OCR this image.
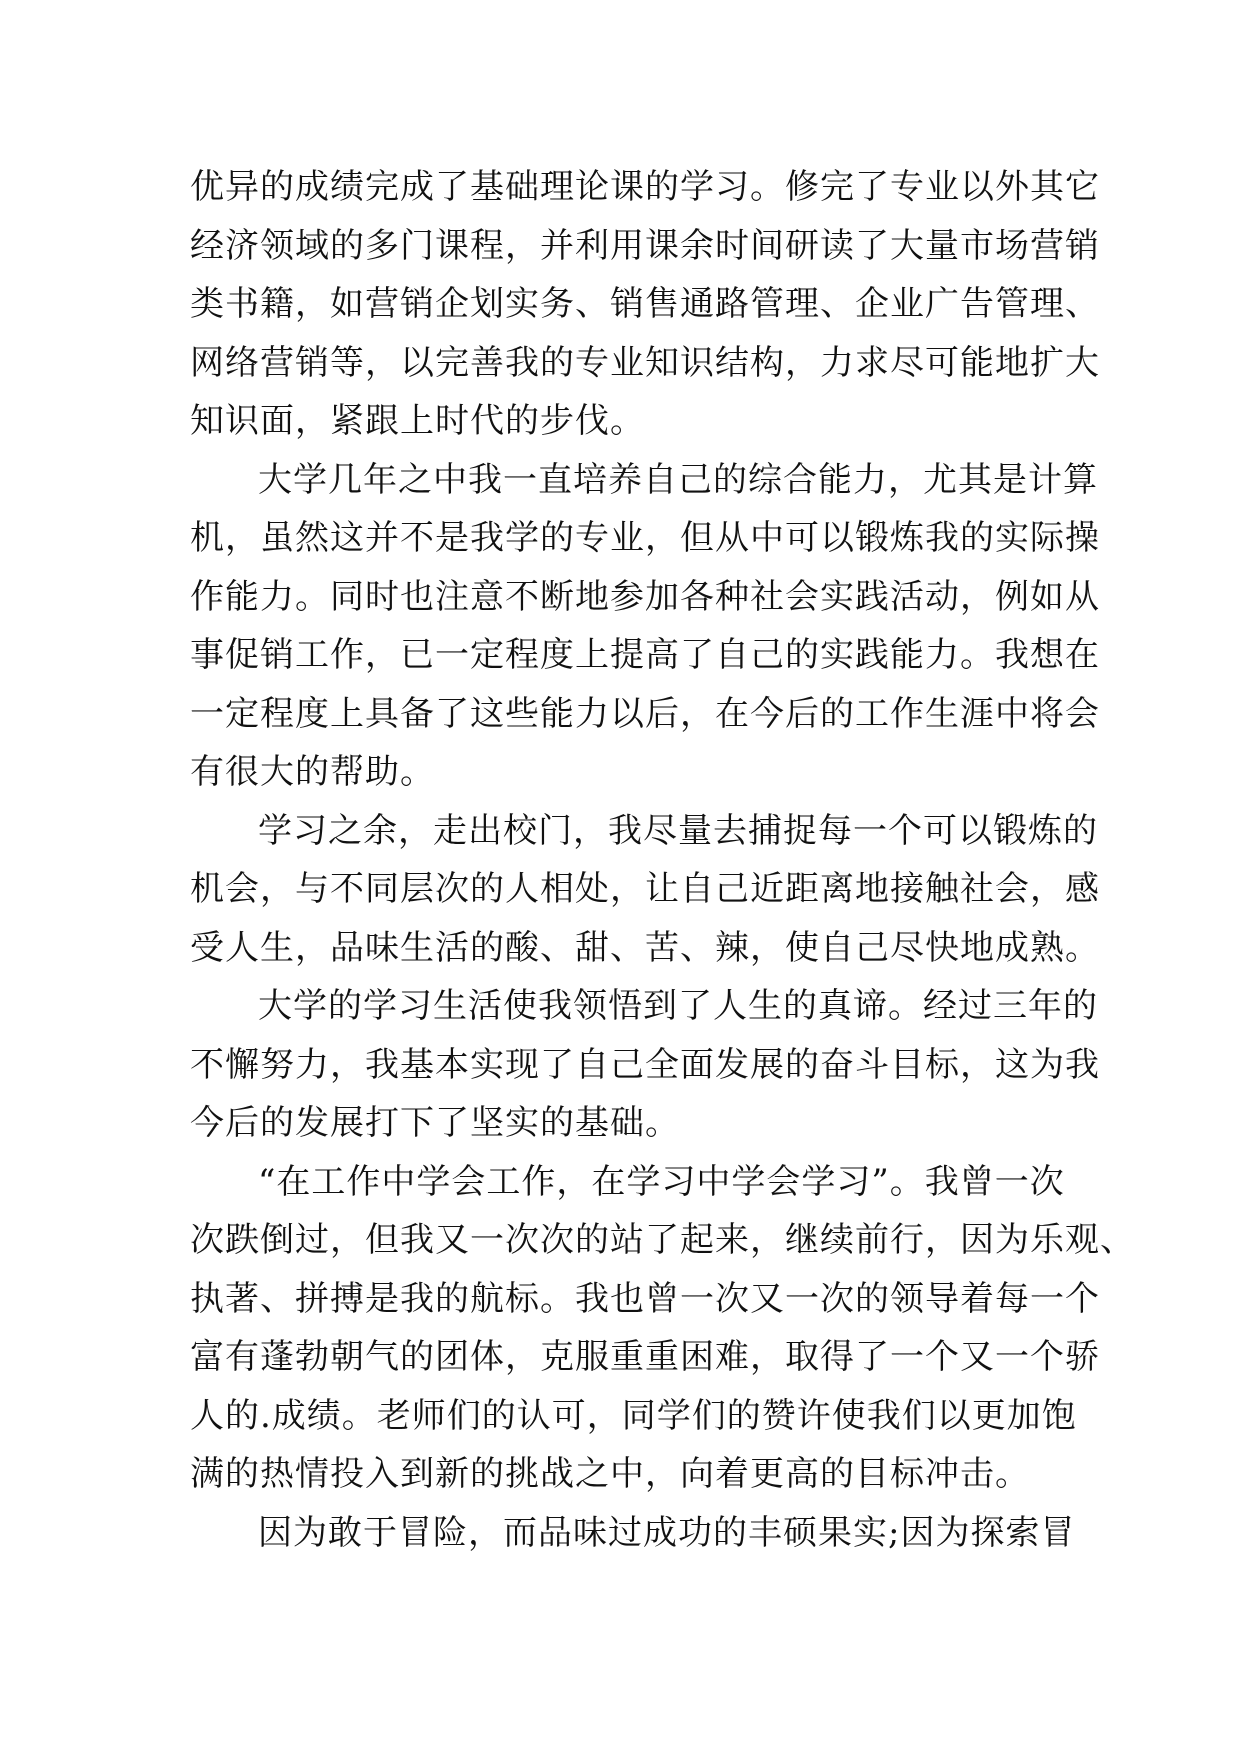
优异的成绩完成了基础理论课的学习。修完了专业以外其它
经济领域的多门课程，并利用课余时间研读了大量市场营销
类书籍，如营销企划实务、销售通路管理、企业广告管理、
网络营销等，以完善我的专业知识结构，力求尽可能地扩大
知识面，紧跟上时代的步伐。
大学几年之中我一直培养自己的综合能力，尤其是计算
机，虽然这并不是我学的专业，但从中可以锻炼我的实际操
作能力。同时也注意不断地参加各种社会实践活动，例如从
事促销工作，已一定程度上提高了自己的实践能力。我想在
一定程度上具备了这些能力以后，在今后的工作生涯中将会
有很大的帮助。
学习之余，走出校门，我尽量去捕捉每一个可以锻炼的
机会，与不同层次的人相处，让自己近距离地接触社会，感
受人生，品味生活的酸、甜、苦、辣，使自己尽快地成熟。
大学的学习生活使我领悟到了人生的真谛。经过三年的
不懈努力，我基本实现了自己全面发展的奋斗目标，这为我
今后的发展打下了坚实的基础。
“在工作中学会工作，在学习中学会学习”。我曾一次
次跌倒过，但我又一次次的站了起来，继续前行，因为乐观、
执著、拼搏是我的航标。我也曾一次又一次的领导着每一个
富有蓬勃朝气的团体，克服重重困难，取得了一个又一个骄
人的.成绩。老师们的认可，同学们的赞许使我们以更加饱
满的热情投入到新的挑战之中，向着更高的目标冲击。
因为敢于冒险，而品味过成功的丰硕果实;因为探索冒
